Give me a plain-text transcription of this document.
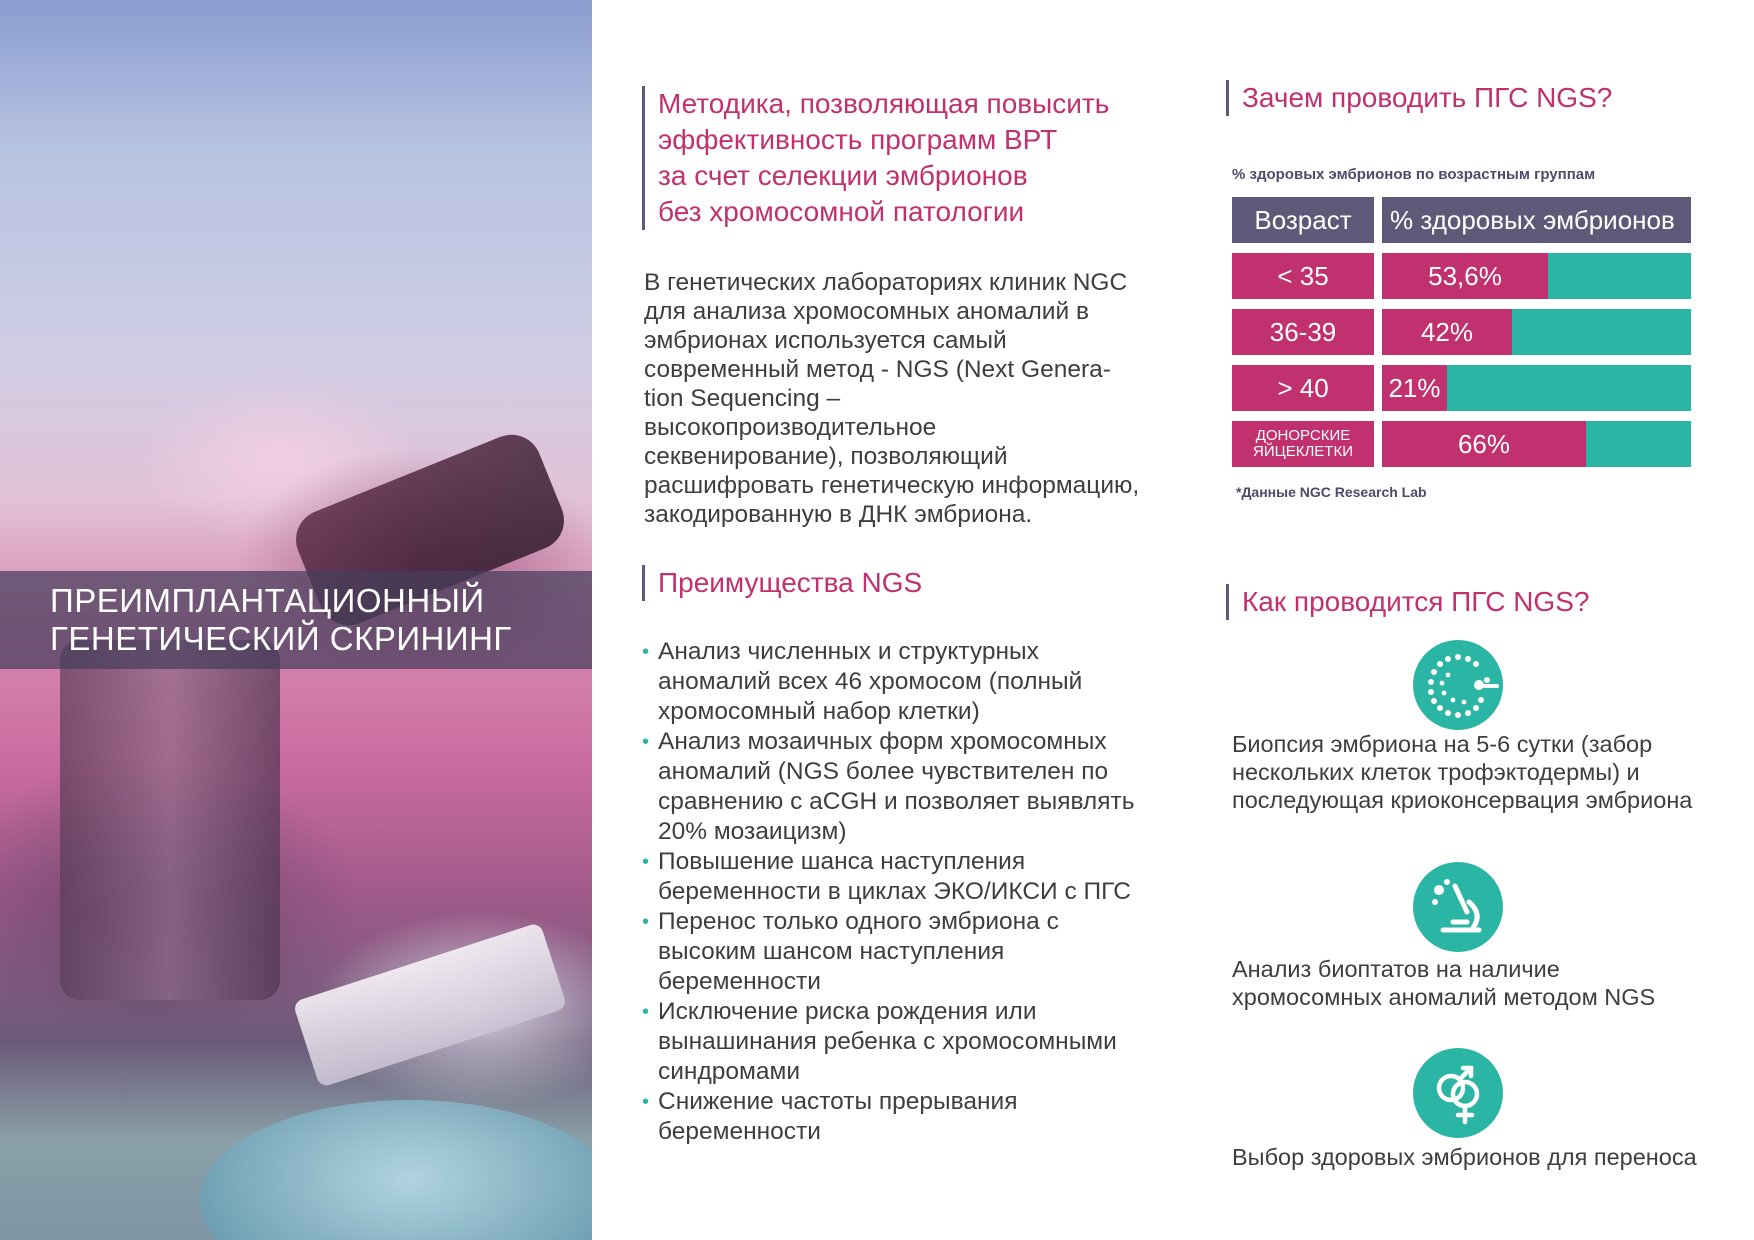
ПРЕИМПЛАНТАЦИОННЫЙ
ГЕНЕТИЧЕСКИЙ СКРИНИНГ
Методика, позволяющая повысить
эффективность программ ВРТ
за счет селекции эмбрионов
без хромосомной патологии
В генетических лабораториях клиник NGC
для анализа хромосомных аномалий в
эмбрионах используется самый
современный метод - NGS (Next Genera-
tion Sequencing –
высокопроизводительное
секвенирование), позволяющий
расшифровать генетическую информацию,
закодированную в ДНК эмбриона.
Преимущества NGS
• Анализ численных и структурных
аномалий всех 46 хромосом (полный
хромосомный набор клетки)
• Анализ мозаичных форм хромосомных
аномалий (NGS более чувствителен по
сравнению с aCGH и позволяет выявлять
20% мозаицизм)
• Повышение шанса наступления
беременности в циклах ЭКО/ИКСИ с ПГС
• Перенос только одного эмбриона с
высоким шансом наступления
беременности
• Исключение риска рождения или
вынашинания ребенка с хромосомными
синдромами
• Снижение частоты прерывания
беременности
Зачем проводить ПГС NGS?
% здоровых эмбрионов по возрастным группам
Возраст	% здоровых эмбрионов
< 35	53,6%
36-39	42%
> 40	21%
ДОНОРСКИЕ
ЯЙЦЕКЛЕТКИ	66%
*Данные NGC Research Lab
Как проводится ПГС NGS?
Биопсия эмбриона на 5-6 сутки (забор
нескольких клеток трофэктодермы) и
последующая криоконсервация эмбриона
Анализ биоптатов на наличие
хромосомных аномалий методом NGS
Выбор здоровых эмбрионов для переноса
